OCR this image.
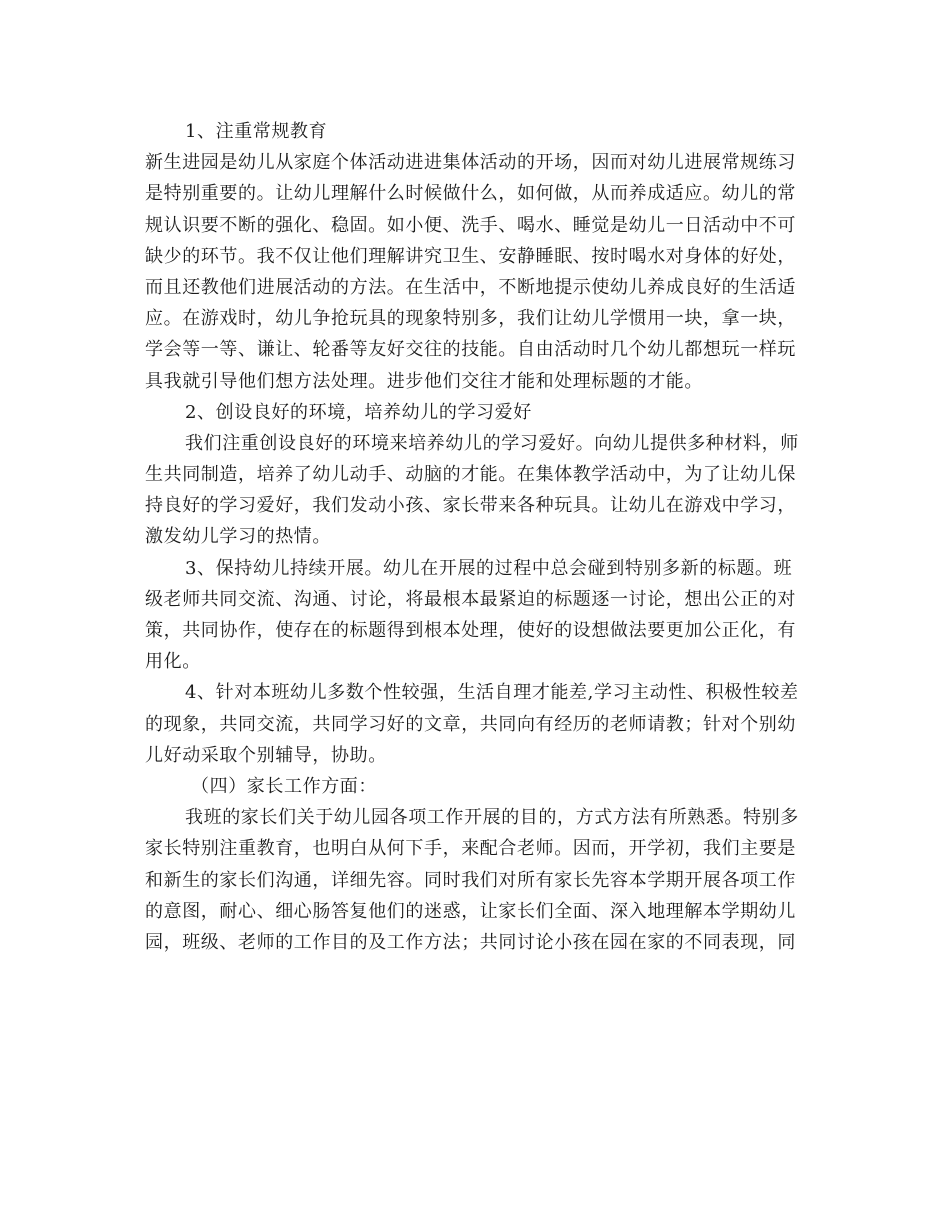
1、注重常规教育
新生进园是幼儿从家庭个体活动进进集体活动的开场，因而对幼儿进展常规练习
是特别重要的。让幼儿理解什么时候做什么，如何做，从而养成适应。幼儿的常
规认识要不断的强化、稳固。如小便、洗手、喝水、睡觉是幼儿一日活动中不可
缺少的环节。我不仅让他们理解讲究卫生、安静睡眠、按时喝水对身体的好处，
而且还教他们进展活动的方法。在生活中，不断地提示使幼儿养成良好的生活适
应。在游戏时，幼儿争抢玩具的现象特别多，我们让幼儿学惯用一块，拿一块，
学会等一等、谦让、轮番等友好交往的技能。自由活动时几个幼儿都想玩一样玩
具我就引导他们想方法处理。进步他们交往才能和处理标题的才能。
2、创设良好的环境，培养幼儿的学习爱好
我们注重创设良好的环境来培养幼儿的学习爱好。向幼儿提供多种材料，师
生共同制造，培养了幼儿动手、动脑的才能。在集体教学活动中，为了让幼儿保
持良好的学习爱好，我们发动小孩、家长带来各种玩具。让幼儿在游戏中学习，
激发幼儿学习的热情。
3、保持幼儿持续开展。幼儿在开展的过程中总会碰到特别多新的标题。班
级老师共同交流、沟通、讨论，将最根本最紧迫的标题逐一讨论，想出公正的对
策，共同协作，使存在的标题得到根本处理，使好的设想做法要更加公正化，有
用化。
4、针对本班幼儿多数个性较强，生活自理才能差,学习主动性、积极性较差
的现象，共同交流，共同学习好的文章，共同向有经历的老师请教；针对个别幼
儿好动采取个别辅导，协助。
（四）家长工作方面：
我班的家长们关于幼儿园各项工作开展的目的，方式方法有所熟悉。特别多
家长特别注重教育，也明白从何下手，来配合老师。因而，开学初，我们主要是
和新生的家长们沟通，详细先容。同时我们对所有家长先容本学期开展各项工作
的意图，耐心、细心肠答复他们的迷惑，让家长们全面、深入地理解本学期幼儿
园，班级、老师的工作目的及工作方法；共同讨论小孩在园在家的不同表现，同
